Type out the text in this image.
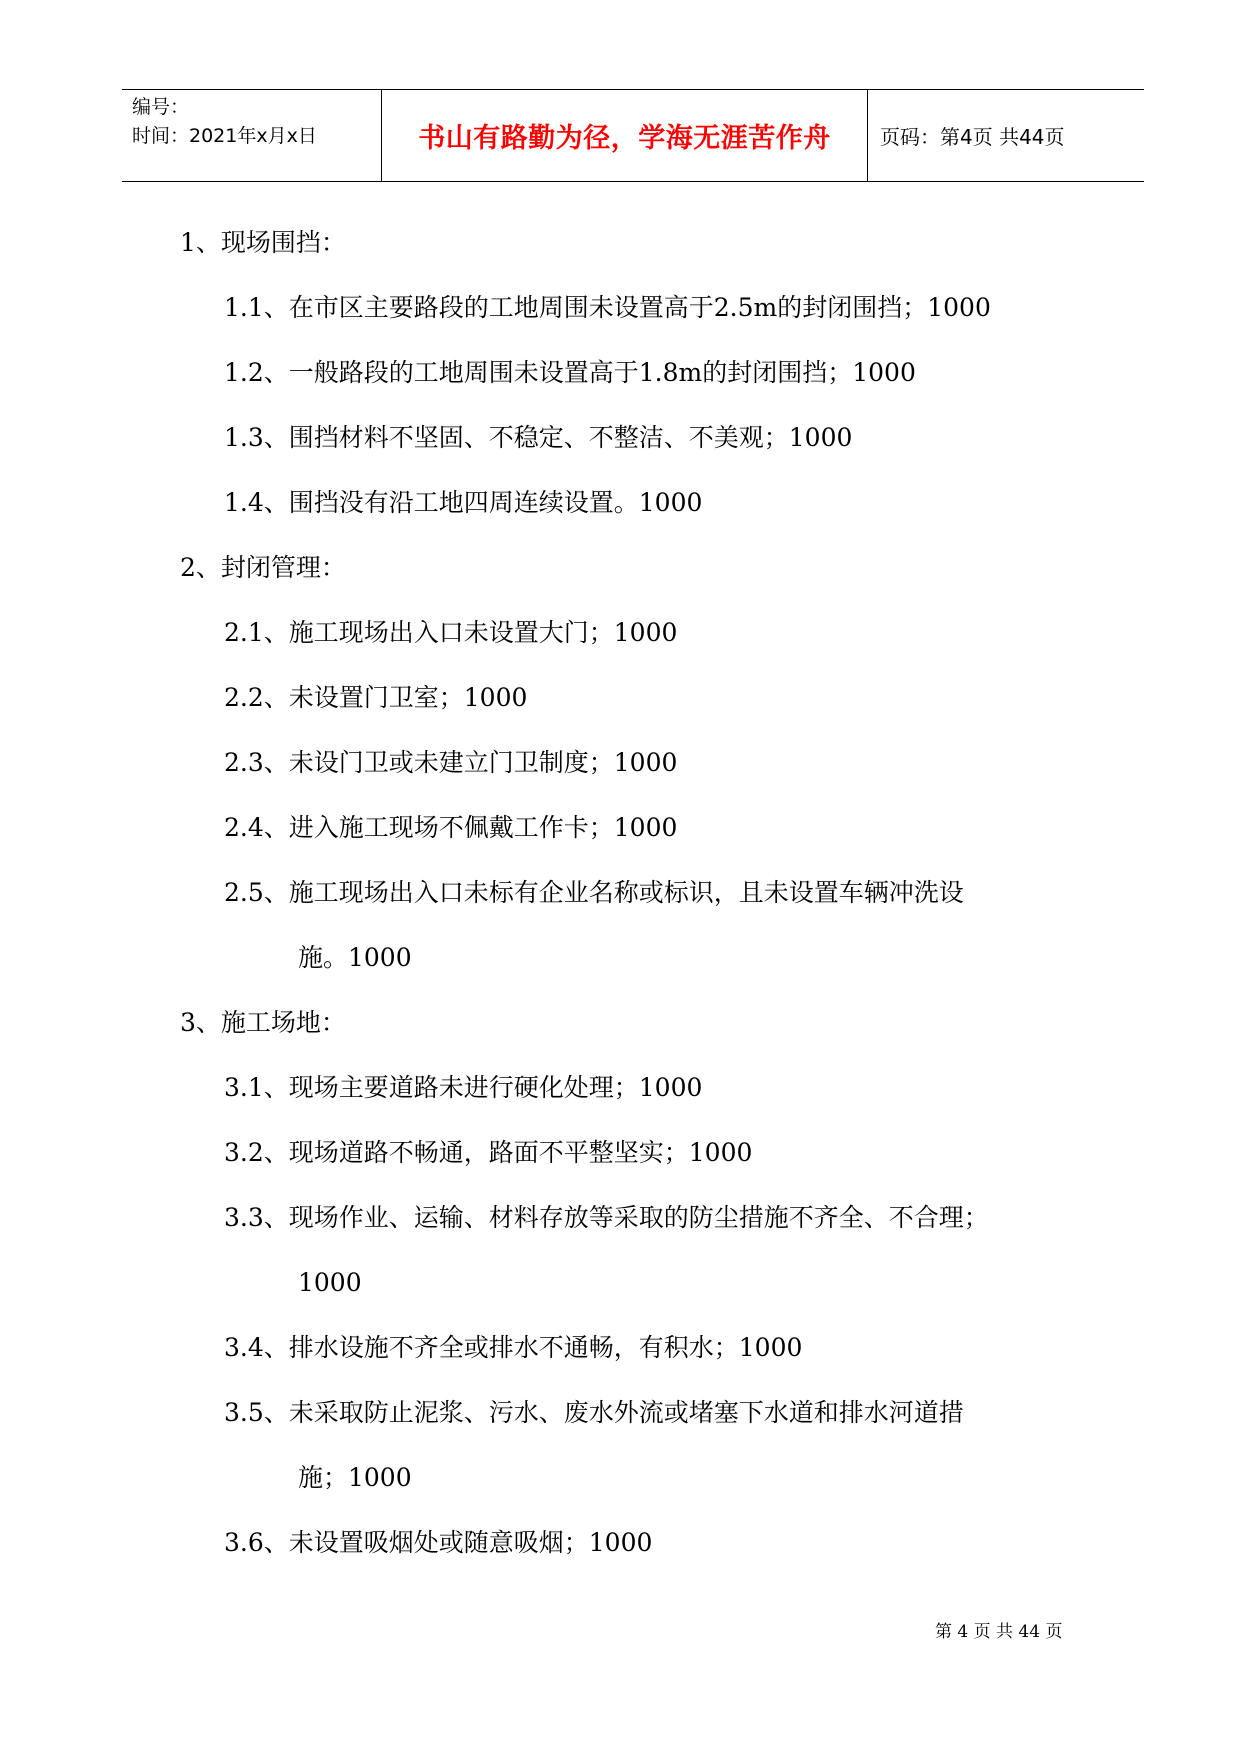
编号：
时间：2021年x月x日	书山有路勤为径，学海无涯苦作舟 页码：第4页 共44页
1、现场围挡：
1.1、在市区主要路段的工地周围未设置高于2.5m的封闭围挡；1000
1.2、一般路段的工地周围未设置高于1.8m的封闭围挡；1000
1.3、围挡材料不坚固、不稳定、不整洁、不美观；1000
1.4、围挡没有沿工地四周连续设置。1000
2、封闭管理：
2.1、施工现场出入口未设置大门；1000
2.2、未设置门卫室；1000
2.3、未设门卫或未建立门卫制度；1000
2.4、进入施工现场不佩戴工作卡；1000
2.5、施工现场出入口未标有企业名称或标识，且未设置车辆冲洗设
施。1000
3、施工场地：
3.1、现场主要道路未进行硬化处理；1000
3.2、现场道路不畅通，路面不平整坚实；1000
3.3、现场作业、运输、材料存放等采取的防尘措施不齐全、不合理；
1000
3.4、排水设施不齐全或排水不通畅，有积水；1000
3.5、未采取防止泥浆、污水、废水外流或堵塞下水道和排水河道措
施；1000
3.6、未设置吸烟处或随意吸烟；1000
第 4 页 共 44 页
